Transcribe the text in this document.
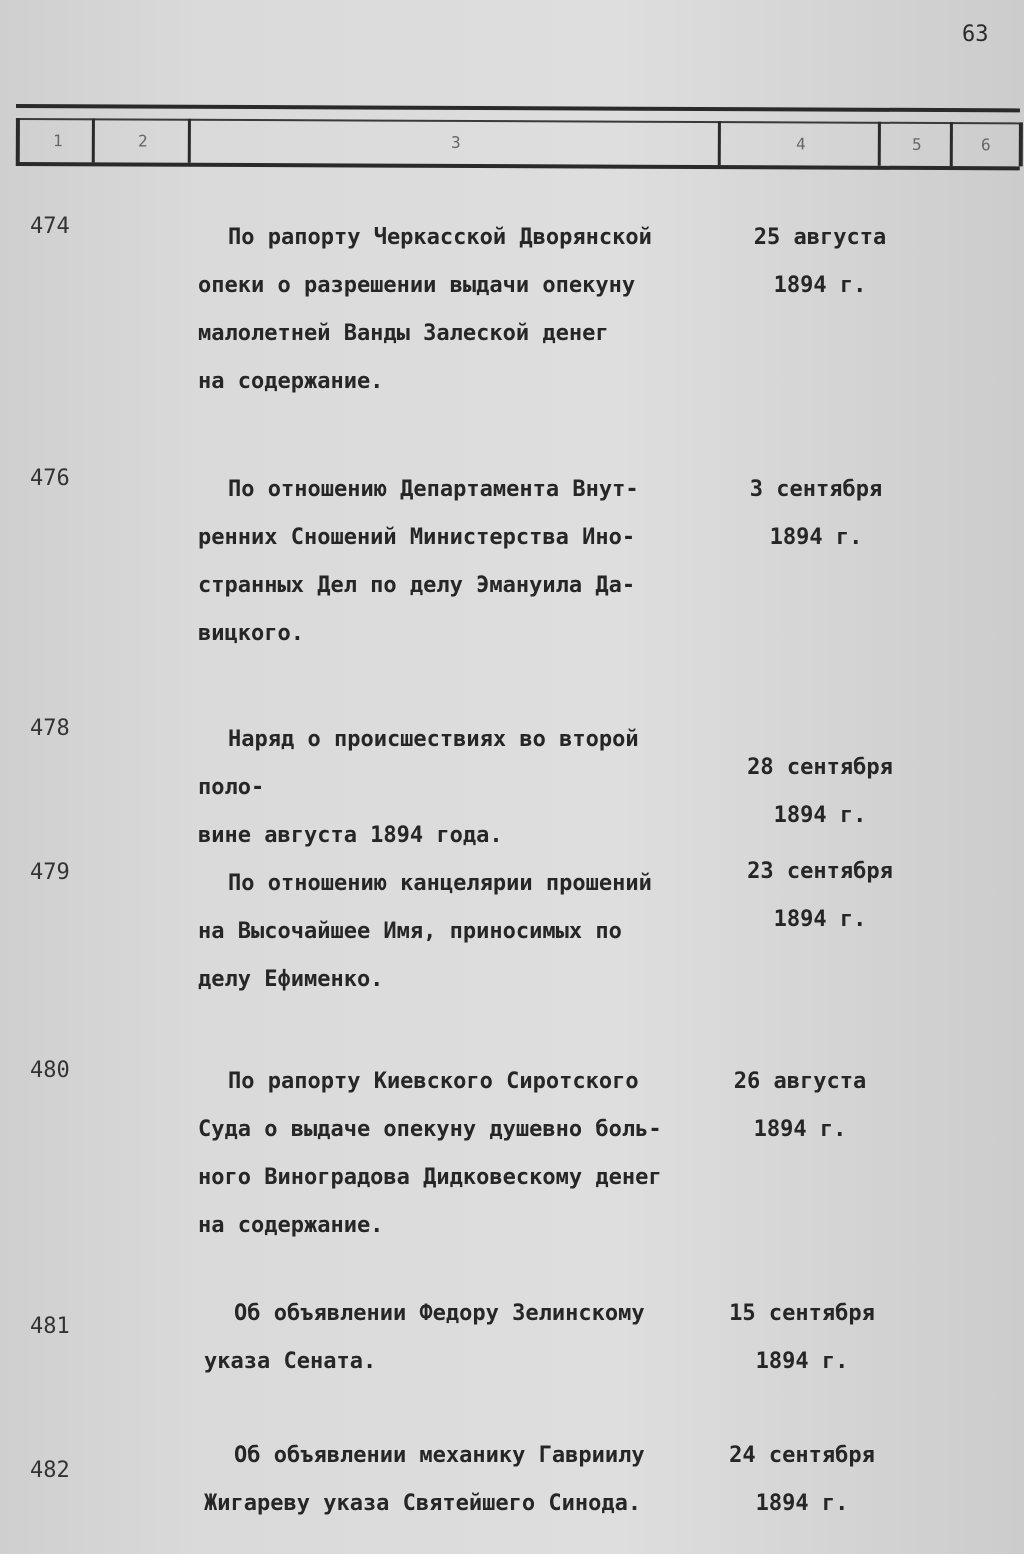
63
1	2	3	4	5	6
474	По рапорту Черкасской Дворянской
опеки о разрешении выдачи опекуну
малолетней Ванды Залеской денег
на содержание.
25 августа
1894 г.
476	По отношению Департамента Внут-
ренних Сношений Министерства Ино-
странных Дел по делу Эмануила Да-
вицкого.
3 сентября
1894 г.
478	Наряд о происшествиях во второй поло-
вине августа 1894 года.
28 сентября
1894 г.
479	По отношению канцелярии прошений
на Высочайшее Имя, приносимых по
делу Ефименко.
23 сентября
1894 г.
480	По рапорту Киевского Сиротского
Суда о выдаче опекуну душевно боль-
ного Виноградова Дидковескому денег
на содержание.
26 августа
1894 г.
481
Об объявлении Федору Зелинскому
указа Сената.
15 сентября
1894 г.
482
Об объявлении механику Гавриилу
Жигареву указа Святейшего Синода.
24 сентября
1894 г.
